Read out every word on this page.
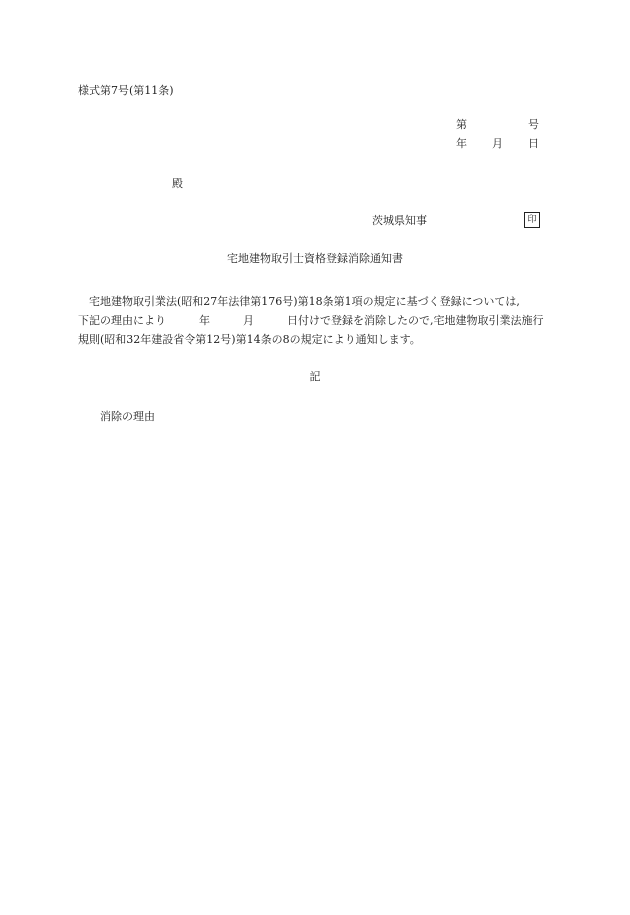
様式第7号(第11条)
第	号
年 月 日
殿
茨城県知事	印
宅地建物取引士資格登録消除通知書
　宅地建物取引業法(昭和27年法律第176号)第18条第1項の規定に基づく登録については,
下記の理由により　　　年　　　月　　　日付けで登録を消除したので,宅地建物取引業法施行
規則(昭和32年建設省令第12号)第14条の8の規定により通知します。
記
消除の理由
